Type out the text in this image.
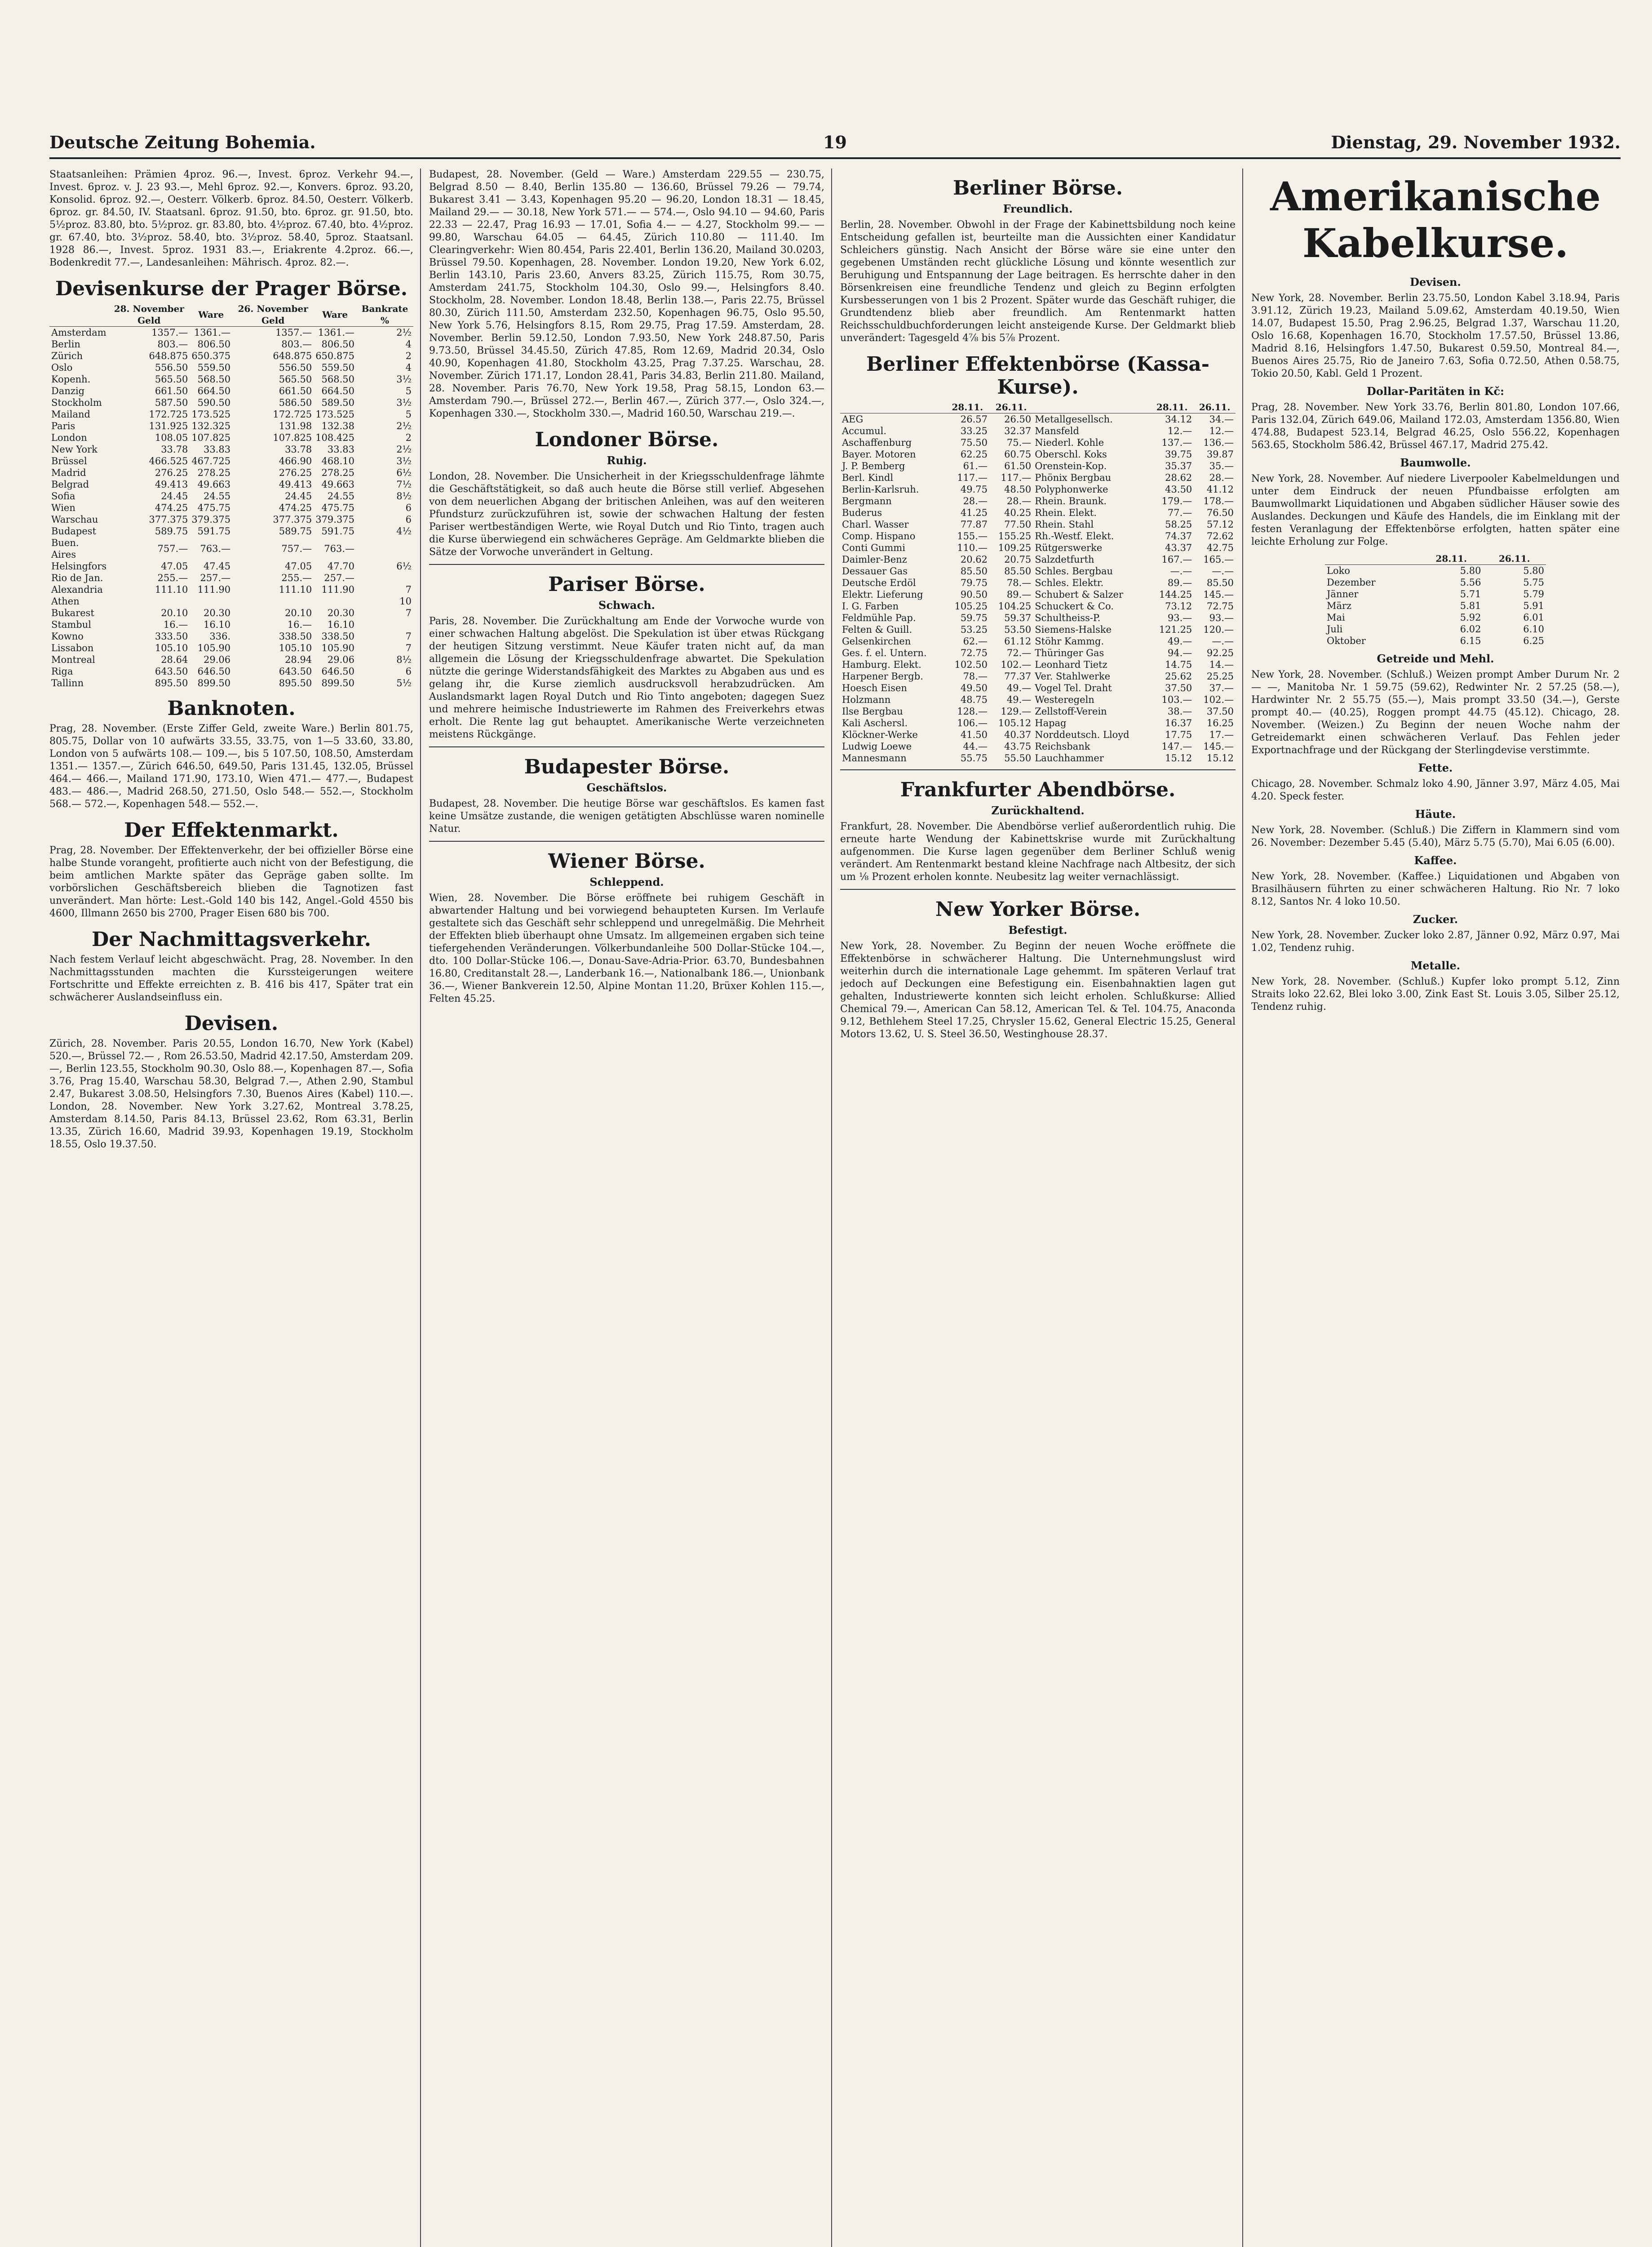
Deutsche Zeitung Bohemia.	19	Dienstag, 29. November 1932.

Staatsanleihen: Prämien 4proz. 96.—, Invest. 6proz. Verkehr 94.—, Invest. 6proz. v. J. 23 93.—, Mehl 6proz. 92.—, Konvers. 6proz. 93.20, Konsolid. 6proz. 92.—, Oesterr. Völkerb. 6proz. 84.50, Oesterr. Völkerb. 6proz. gr. 84.50, IV. Staatsanl. 6proz. 91.50, bto. 6proz. gr. 91.50, bto. 5½proz. 83.80, bto. 5½proz. gr. 83.80, bto. 4½proz. 67.40, bto. 4½proz. gr. 67.40, bto. 3½proz. 58.40, bto. 3½proz. 58.40, 5proz. Staatsanl. 1928 86.—, Invest. 5proz. 1931 83.—, Eriakrente 4.2proz. 66.—, Bodenkredit 77.—, Landesanleihen: Mährisch. 4proz. 82.—.

Devisenkurse der Prager Börse.
	28. November Geld	Ware	26. November Geld	Ware	Bankrate %
Amsterdam	1357.—	1361.—	1357.—	1361.—	2½
Berlin	803.—	806.50	803.—	806.50	4
Zürich	648.875	650.375	648.875	650.875	2
Oslo	556.50	559.50	556.50	559.50	4
Kopenh.	565.50	568.50	565.50	568.50	3½
Danzig	661.50	664.50	661.50	664.50	5
Stockholm	587.50	590.50	586.50	589.50	3½
Mailand	172.725	173.525	172.725	173.525	5
Paris	131.925	132.325	131.98	132.38	2½
London	108.05	107.825	107.825	108.425	2
New York	33.78	33.83	33.78	33.83	2½
Brüssel	466.525	467.725	466.90	468.10	3½
Madrid	276.25	278.25	276.25	278.25	6½
Belgrad	49.413	49.663	49.413	49.663	7½
Sofia	24.45	24.55	24.45	24.55	8½
Wien	474.25	475.75	474.25	475.75	6
Warschau	377.375	379.375	377.375	379.375	6
Budapest	589.75	591.75	589.75	591.75	4½
Buen. Aires	757.—	763.—	757.—	763.—	
Helsingfors	47.05	47.45	47.05	47.70	6½
Rio de Jan.	255.—	257.—	255.—	257.—	
Alexandria	111.10	111.90	111.10	111.90	7
Athen					10
Bukarest	20.10	20.30	20.10	20.30	7
Stambul	16.—	16.10	16.—	16.10	
Kowno	333.50	336.	338.50	338.50	7
Lissabon	105.10	105.90	105.10	105.90	7
Montreal	28.64	29.06	28.94	29.06	8½
Riga	643.50	646.50	643.50	646.50	6
Tallinn	895.50	899.50	895.50	899.50	5½
Banknoten.

Prag, 28. November. (Erste Ziffer Geld, zweite Ware.) Berlin 801.75, 805.75, Dollar von 10 aufwärts 33.55, 33.75, von 1—5 33.60, 33.80, London von 5 aufwärts 108.— 109.—, bis 5 107.50, 108.50, Amsterdam 1351.— 1357.—, Zürich 646.50, 649.50, Paris 131.45, 132.05, Brüssel 464.— 466.—, Mailand 171.90, 173.10, Wien 471.— 477.—, Budapest 483.— 486.—, Madrid 268.50, 271.50, Oslo 548.— 552.—, Stockholm 568.— 572.—, Kopenhagen 548.— 552.—.

Der Effektenmarkt.

Prag, 28. November. Der Effektenverkehr, der bei offizieller Börse eine halbe Stunde vorangeht, profitierte auch nicht von der Befestigung, die beim amtlichen Markte später das Gepräge gaben sollte. Im vorbörslichen Geschäftsbereich blieben die Tagnotizen fast unverändert. Man hörte: Lest.-Gold 140 bis 142, Angel.-Gold 4550 bis 4600, Illmann 2650 bis 2700, Prager Eisen 680 bis 700.

Der Nachmittagsverkehr.

Nach festem Verlauf leicht abgeschwächt. Prag, 28. November. In den Nachmittagsstunden machten die Kurssteigerungen weitere Fortschritte und Effekte erreichten z. B. 416 bis 417, Später trat ein schwächerer Auslandseinfluss ein.

Devisen.

Zürich, 28. November. Paris 20.55, London 16.70, New York (Kabel) 520.—, Brüssel 72.— , Rom 26.53.50, Madrid 42.17.50, Amsterdam 209.—, Berlin 123.55, Stockholm 90.30, Oslo 88.—, Kopenhagen 87.—, Sofia 3.76, Prag 15.40, Warschau 58.30, Belgrad 7.—, Athen 2.90, Stambul 2.47, Bukarest 3.08.50, Helsingfors 7.30, Buenos Aires (Kabel) 110.—. London, 28. November. New York 3.27.62, Montreal 3.78.25, Amsterdam 8.14.50, Paris 84.13, Brüssel 23.62, Rom 63.31, Berlin 13.35, Zürich 16.60, Madrid 39.93, Kopenhagen 19.19, Stockholm 18.55, Oslo 19.37.50.

Budapest, 28. November. (Geld — Ware.) Amsterdam 229.55 — 230.75, Belgrad 8.50 — 8.40, Berlin 135.80 — 136.60, Brüssel 79.26 — 79.74, Bukarest 3.41 — 3.43, Kopenhagen 95.20 — 96.20, London 18.31 — 18.45, Mailand 29.— — 30.18, New York 571.— — 574.—, Oslo 94.10 — 94.60, Paris 22.33 — 22.47, Prag 16.93 — 17.01, Sofia 4.— — 4.27, Stockholm 99.— — 99.80, Warschau 64.05 — 64.45, Zürich 110.80 — 111.40. Im Clearingverkehr: Wien 80.454, Paris 22.401, Berlin 136.20, Mailand 30.0203, Brüssel 79.50. Kopenhagen, 28. November. London 19.20, New York 6.02, Berlin 143.10, Paris 23.60, Anvers 83.25, Zürich 115.75, Rom 30.75, Amsterdam 241.75, Stockholm 104.30, Oslo 99.—, Helsingfors 8.40. Stockholm, 28. November. London 18.48, Berlin 138.—, Paris 22.75, Brüssel 80.30, Zürich 111.50, Amsterdam 232.50, Kopenhagen 96.75, Oslo 95.50, New York 5.76, Helsingfors 8.15, Rom 29.75, Prag 17.59. Amsterdam, 28. November. Berlin 59.12.50, London 7.93.50, New York 248.87.50, Paris 9.73.50, Brüssel 34.45.50, Zürich 47.85, Rom 12.69, Madrid 20.34, Oslo 40.90, Kopenhagen 41.80, Stockholm 43.25, Prag 7.37.25. Warschau, 28. November. Zürich 171.17, London 28.41, Paris 34.83, Berlin 211.80. Mailand, 28. November. Paris 76.70, New York 19.58, Prag 58.15, London 63.— Amsterdam 790.—, Brüssel 272.—, Berlin 467.—, Zürich 377.—, Oslo 324.—, Kopenhagen 330.—, Stockholm 330.—, Madrid 160.50, Warschau 219.—.

Londoner Börse.
Ruhig.

London, 28. November. Die Unsicherheit in der Kriegsschuldenfrage lähmte die Geschäftstätigkeit, so daß auch heute die Börse still verlief. Abgesehen von dem neuerlichen Abgang der britischen Anleihen, was auf den weiteren Pfundsturz zurückzuführen ist, sowie der schwachen Haltung der festen Pariser wertbeständigen Werte, wie Royal Dutch und Rio Tinto, tragen auch die Kurse überwiegend ein schwächeres Gepräge. Am Geldmarkte blieben die Sätze der Vorwoche unverändert in Geltung.

Pariser Börse.
Schwach.

Paris, 28. November. Die Zurückhaltung am Ende der Vorwoche wurde von einer schwachen Haltung abgelöst. Die Spekulation ist über etwas Rückgang der heutigen Sitzung verstimmt. Neue Käufer traten nicht auf, da man allgemein die Lösung der Kriegsschuldenfrage abwartet. Die Spekulation nützte die geringe Widerstandsfähigkeit des Marktes zu Abgaben aus und es gelang ihr, die Kurse ziemlich ausdrucksvoll herabzudrücken. Am Auslandsmarkt lagen Royal Dutch und Rio Tinto angeboten; dagegen Suez und mehrere heimische Industriewerte im Rahmen des Freiverkehrs etwas erholt. Die Rente lag gut behauptet. Amerikanische Werte verzeichneten meistens Rückgänge.

Budapester Börse.
Geschäftslos.

Budapest, 28. November. Die heutige Börse war geschäftslos. Es kamen fast keine Umsätze zustande, die wenigen getätigten Abschlüsse waren nominelle Natur.

Wiener Börse.
Schleppend.

Wien, 28. November. Die Börse eröffnete bei ruhigem Geschäft in abwartender Haltung und bei vorwiegend behaupteten Kursen. Im Verlaufe gestaltete sich das Geschäft sehr schleppend und unregelmäßig. Die Mehrheit der Effekten blieb überhaupt ohne Umsatz. Im allgemeinen ergaben sich teine tiefergehenden Veränderungen. Völkerbundanleihe 500 Dollar-Stücke 104.—, dto. 100 Dollar-Stücke 106.—, Donau-Save-Adria-Prior. 63.70, Bundesbahnen 16.80, Creditanstalt 28.—, Landerbank 16.—, Nationalbank 186.—, Unionbank 36.—, Wiener Bankverein 12.50, Alpine Montan 11.20, Brüxer Kohlen 115.—, Felten 45.25.

Berliner Börse.
Freundlich.

Berlin, 28. November. Obwohl in der Frage der Kabinettsbildung noch keine Entscheidung gefallen ist, beurteilte man die Aussichten einer Kandidatur Schleichers günstig. Nach Ansicht der Börse wäre sie eine unter den gegebenen Umständen recht glückliche Lösung und könnte wesentlich zur Beruhigung und Entspannung der Lage beitragen. Es herrschte daher in den Börsenkreisen eine freundliche Tendenz und gleich zu Beginn erfolgten Kursbesserungen von 1 bis 2 Prozent. Später wurde das Geschäft ruhiger, die Grundtendenz blieb aber freundlich. Am Rentenmarkt hatten Reichsschuldbuchforderungen leicht ansteigende Kurse. Der Geldmarkt blieb unverändert: Tagesgeld 4⅞ bis 5⅞ Prozent.

Berliner Effektenbörse (Kassa-Kurse).
	28.11.	26.11.		28.11.	26.11.
AEG	26.57	26.50	Metallgesellsch.	34.12	34.—
Accumul.	33.25	32.37	Mansfeld	12.—	12.—
Aschaffenburg	75.50	75.—	Niederl. Kohle	137.—	136.—
Bayer. Motoren	62.25	60.75	Oberschl. Koks	39.75	39.87
J. P. Bemberg	61.—	61.50	Orenstein-Kop.	35.37	35.—
Berl. Kindl	117.—	117.—	Phönix Bergbau	28.62	28.—
Berlin-Karlsruh.	49.75	48.50	Polyphonwerke	43.50	41.12
Bergmann	28.—	28.—	Rhein. Braunk.	179.—	178.—
Buderus	41.25	40.25	Rhein. Elekt.	77.—	76.50
Charl. Wasser	77.87	77.50	Rhein. Stahl	58.25	57.12
Comp. Hispano	155.—	155.25	Rh.-Westf. Elekt.	74.37	72.62
Conti Gummi	110.—	109.25	Rütgerswerke	43.37	42.75
Daimler-Benz	20.62	20.75	Salzdetfurth	167.—	165.—
Dessauer Gas	85.50	85.50	Schles. Bergbau	—.—	—.—
Deutsche Erdöl	79.75	78.—	Schles. Elektr.	89.—	85.50
Elektr. Lieferung	90.50	89.—	Schubert & Salzer	144.25	145.—
I. G. Farben	105.25	104.25	Schuckert & Co.	73.12	72.75
Feldmühle Pap.	59.75	59.37	Schultheiss-P.	93.—	93.—
Felten & Guill.	53.25	53.50	Siemens-Halske	121.25	120.—
Gelsenkirchen	62.—	61.12	Stöhr Kammg.	49.—	—.—
Ges. f. el. Untern.	72.75	72.—	Thüringer Gas	94.—	92.25
Hamburg. Elekt.	102.50	102.—	Leonhard Tietz	14.75	14.—
Harpener Bergb.	78.—	77.37	Ver. Stahlwerke	25.62	25.25
Hoesch Eisen	49.50	49.—	Vogel Tel. Draht	37.50	37.—
Holzmann	48.75	49.—	Westeregeln	103.—	102.—
Ilse Bergbau	128.—	129.—	Zellstoff-Verein	38.—	37.50
Kali Aschersl.	106.—	105.12	Hapag	16.37	16.25
Klöckner-Werke	41.50	40.37	Norddeutsch. Lloyd	17.75	17.—
Ludwig Loewe	44.—	43.75	Reichsbank	147.—	145.—
Mannesmann	55.75	55.50	Lauchhammer	15.12	15.12
Frankfurter Abendbörse.
Zurückhaltend.

Frankfurt, 28. November. Die Abendbörse verlief außerordentlich ruhig. Die erneute harte Wendung der Kabinettskrise wurde mit Zurückhaltung aufgenommen. Die Kurse lagen gegenüber dem Berliner Schluß wenig verändert. Am Rentenmarkt bestand kleine Nachfrage nach Altbesitz, der sich um ⅛ Prozent erholen konnte. Neubesitz lag weiter vernachlässigt.

New Yorker Börse.
Befestigt.

New York, 28. November. Zu Beginn der neuen Woche eröffnete die Effektenbörse in schwächerer Haltung. Die Unternehmungslust wird weiterhin durch die internationale Lage gehemmt. Im späteren Verlauf trat jedoch auf Deckungen eine Befestigung ein. Eisenbahnaktien lagen gut gehalten, Industriewerte konnten sich leicht erholen. Schlußkurse: Allied Chemical 79.—, American Can 58.12, American Tel. & Tel. 104.75, Anaconda 9.12, Bethlehem Steel 17.25, Chrysler 15.62, General Electric 15.25, General Motors 13.62, U. S. Steel 36.50, Westinghouse 28.37.

Amerikanische Kabelkurse.
Devisen.

New York, 28. November. Berlin 23.75.50, London Kabel 3.18.94, Paris 3.91.12, Zürich 19.23, Mailand 5.09.62, Amsterdam 40.19.50, Wien 14.07, Budapest 15.50, Prag 2.96.25, Belgrad 1.37, Warschau 11.20, Oslo 16.68, Kopenhagen 16.70, Stockholm 17.57.50, Brüssel 13.86, Madrid 8.16, Helsingfors 1.47.50, Bukarest 0.59.50, Montreal 84.—, Buenos Aires 25.75, Rio de Janeiro 7.63, Sofia 0.72.50, Athen 0.58.75, Tokio 20.50, Kabl. Geld 1 Prozent.

Dollar-Paritäten in Kč:

Prag, 28. November. New York 33.76, Berlin 801.80, London 107.66, Paris 132.04, Zürich 649.06, Mailand 172.03, Amsterdam 1356.80, Wien 474.88, Budapest 523.14, Belgrad 46.25, Oslo 556.22, Kopenhagen 563.65, Stockholm 586.42, Brüssel 467.17, Madrid 275.42.

Baumwolle.

New York, 28. November. Auf niedere Liverpooler Kabelmeldungen und unter dem Eindruck der neuen Pfundbaisse erfolgten am Baumwollmarkt Liquidationen und Abgaben südlicher Häuser sowie des Auslandes. Deckungen und Käufe des Handels, die im Einklang mit der festen Veranlagung der Effektenbörse erfolgten, hatten später eine leichte Erholung zur Folge.

	28.11.	26.11.
Loko	5.80	5.80
Dezember	5.56	5.75
Jänner	5.71	5.79
März	5.81	5.91
Mai	5.92	6.01
Juli	6.02	6.10
Oktober	6.15	6.25
Getreide und Mehl.

New York, 28. November. (Schluß.) Weizen prompt Amber Durum Nr. 2 — —, Manitoba Nr. 1 59.75 (59.62), Redwinter Nr. 2 57.25 (58.—), Hardwinter Nr. 2 55.75 (55.—), Mais prompt 33.50 (34.—), Gerste prompt 40.— (40.25), Roggen prompt 44.75 (45.12). Chicago, 28. November. (Weizen.) Zu Beginn der neuen Woche nahm der Getreidemarkt einen schwächeren Verlauf. Das Fehlen jeder Exportnachfrage und der Rückgang der Sterlingdevise verstimmte.

Fette.

Chicago, 28. November. Schmalz loko 4.90, Jänner 3.97, März 4.05, Mai 4.20. Speck fester.

Häute.

New York, 28. November. (Schluß.) Die Ziffern in Klammern sind vom 26. November: Dezember 5.45 (5.40), März 5.75 (5.70), Mai 6.05 (6.00).

Kaffee.

New York, 28. November. (Kaffee.) Liquidationen und Abgaben von Brasilhäusern führten zu einer schwächeren Haltung. Rio Nr. 7 loko 8.12, Santos Nr. 4 loko 10.50.

Zucker.

New York, 28. November. Zucker loko 2.87, Jänner 0.92, März 0.97, Mai 1.02, Tendenz ruhig.

Metalle.

New York, 28. November. (Schluß.) Kupfer loko prompt 5.12, Zinn Straits loko 22.62, Blei loko 3.00, Zink East St. Louis 3.05, Silber 25.12, Tendenz ruhig.
